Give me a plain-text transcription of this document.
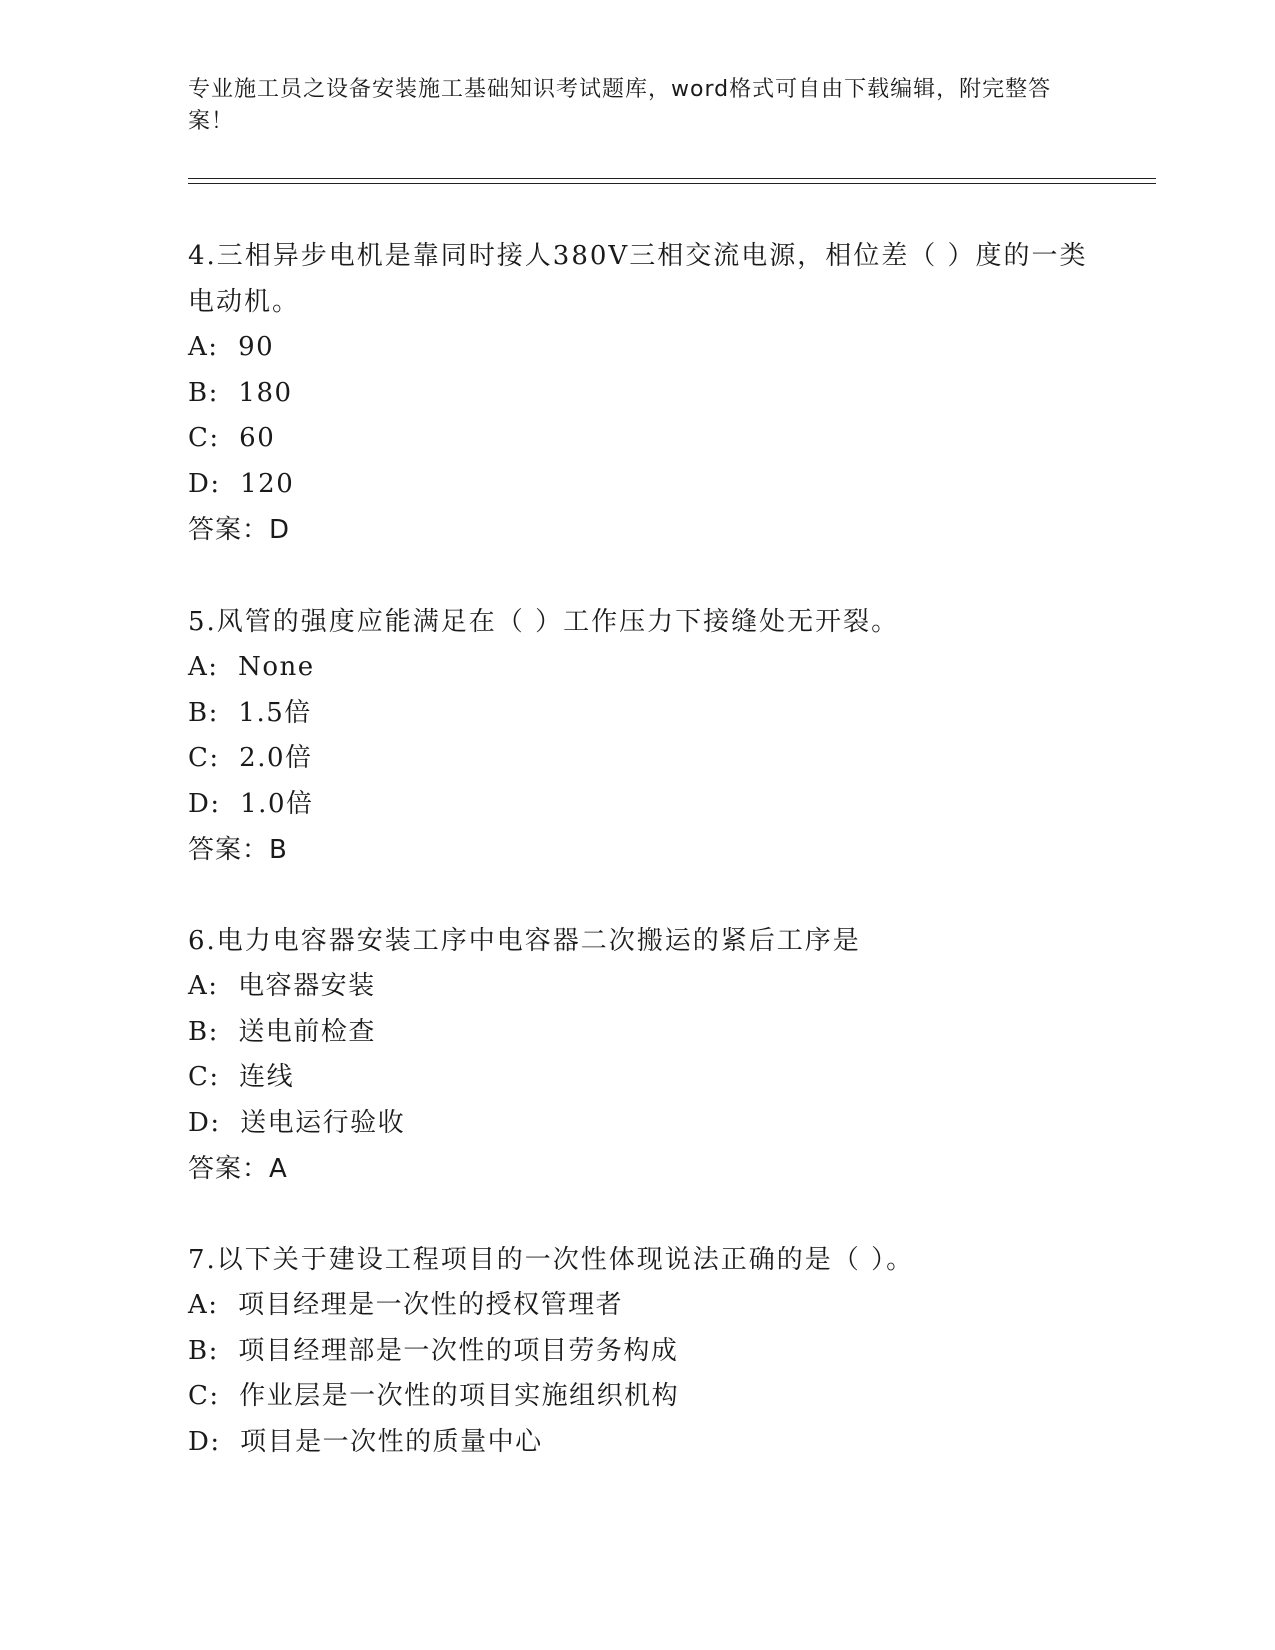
专业施工员之设备安装施工基础知识考试题库，word格式可自由下载编辑，附完整答案！

4.三相异步电机是靠同时接人380V三相交流电源，相位差（ ）度的一类电动机。

A:  90

B:  180

C:  60

D:  120

答案：D

5.风管的强度应能满足在（ ）工作压力下接缝处无开裂。

A:  None

B:  1.5倍

C:  2.0倍

D:  1.0倍

答案：B

6.电力电容器安装工序中电容器二次搬运的紧后工序是

A:  电容器安装

B:  送电前检查

C:  连线

D:  送电运行验收

答案：A

7.以下关于建设工程项目的一次性体现说法正确的是（ ）。

A:  项目经理是一次性的授权管理者

B:  项目经理部是一次性的项目劳务构成

C:  作业层是一次性的项目实施组织机构

D:  项目是一次性的质量中心
